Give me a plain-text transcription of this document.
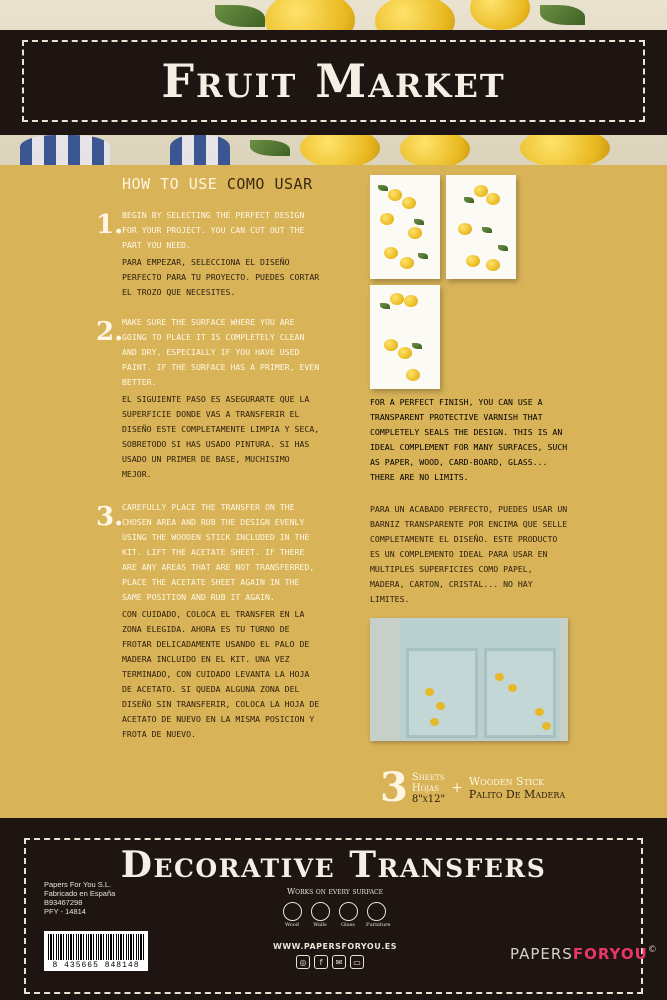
Fruit Market
HOW TO USE COMO USAR
1.
BEGIN BY SELECTING THE PERFECT DESIGN FOR YOUR PROJECT. YOU CAN CUT OUT THE PART YOU NEED.
PARA EMPEZAR, SELECCIONA EL DISEÑO PERFECTO PARA TU PROYECTO. PUEDES CORTAR EL TROZO QUE NECESITES.
2.
MAKE SURE THE SURFACE WHERE YOU ARE GOING TO PLACE IT IS COMPLETELY CLEAN AND DRY, ESPECIALLY IF YOU HAVE USED PAINT. IF THE SURFACE HAS A PRIMER, EVEN BETTER.
EL SIGUIENTE PASO ES ASEGURARTE QUE LA SUPERFICIE DONDE VAS A TRANSFERIR EL DISEÑO ESTE COMPLETAMENTE LIMPIA Y SECA, SOBRETODO SI HAS USADO PINTURA. SI HAS USADO UN PRIMER DE BASE, MUCHISIMO MEJOR.
3.
CAREFULLY PLACE THE TRANSFER ON THE CHOSEN AREA AND RUB THE DESIGN EVENLY USING THE WOODEN STICK INCLUDED IN THE KIT. LIFT THE ACETATE SHEET. IF THERE ARE ANY AREAS THAT ARE NOT TRANSFERRED, PLACE THE ACETATE SHEET AGAIN IN THE SAME POSITION AND RUB IT AGAIN.
CON CUIDADO, COLOCA EL TRANSFER EN LA ZONA ELEGIDA. AHORA ES TU TURNO DE FROTAR DELICADAMENTE USANDO EL PALO DE MADERA INCLUIDO EN EL KIT. UNA VEZ TERMINADO, CON CUIDADO LEVANTA LA HOJA DE ACETATO. SI QUEDA ALGUNA ZONA DEL DISEÑO SIN TRANSFERIR, COLOCA LA HOJA DE ACETATO DE NUEVO EN LA MISMA POSICION Y FROTA DE NUEVO.
FOR A PERFECT FINISH, YOU CAN USE A TRANSPARENT PROTECTIVE VARNISH THAT COMPLETELY SEALS THE DESIGN. THIS IS AN IDEAL COMPLEMENT FOR MANY SURFACES, SUCH AS PAPER, WOOD, CARD-BOARD, GLASS... THERE ARE NO LIMITS.
PARA UN ACABADO PERFECTO, PUEDES USAR UN BARNIZ TRANSPARENTE POR ENCIMA QUE SELLE COMPLETAMENTE EL DISEÑO. ESTE PRODUCTO ES UN COMPLEMENTO IDEAL PARA USAR EN MULTIPLES SUPERFICIES COMO PAPEL, MADERA, CARTON, CRISTAL... NO HAY LIMITES.
3 Sheets
Hojas
8"x12"
+ Wooden Stick
Palito De Madera
Decorative Transfers
Papers For You S.L.
Fabricado en España
B93467298
PFY - 14814
8 435665 848148
Works on every surface
Wood	Walls	Glass	Furniture
WWW.PAPERSFORYOU.ES
◎	f	✉	▭	PAPERSFORYOU©
